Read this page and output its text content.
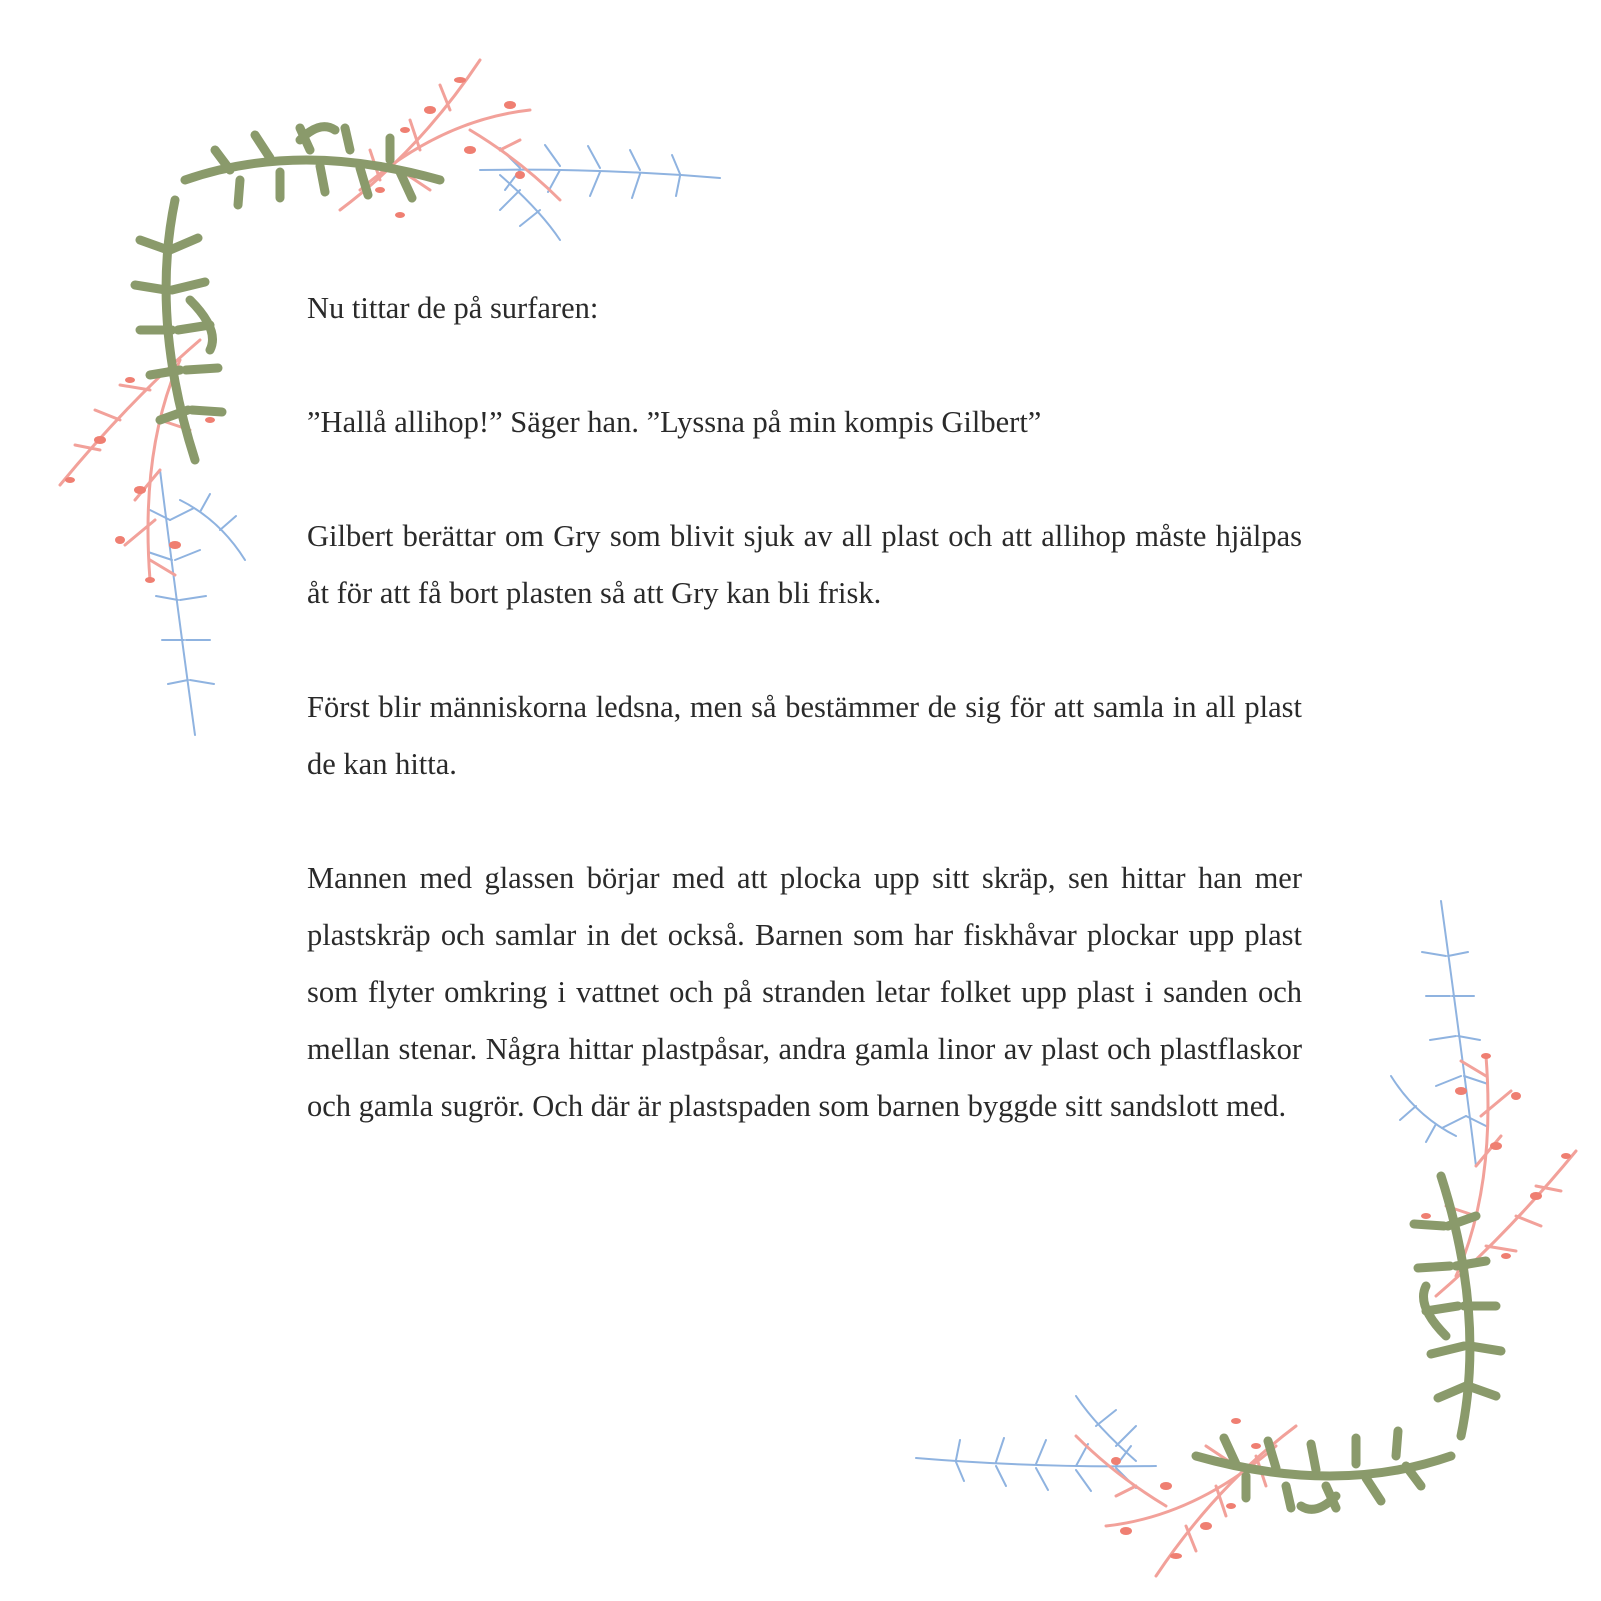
Nu tittar de på surfaren:

”Hallå allihop!” Säger han. ”Lyssna på min kompis Gilbert”

Gilbert berättar om Gry som blivit sjuk av all plast och att allihop måste hjälpas åt för att få bort plasten så att Gry kan bli frisk.

Först blir människorna ledsna, men så bestämmer de sig för att samla in all plast de kan hitta.

Mannen med glassen börjar med att plocka upp sitt skräp, sen hittar han mer plastskräp och samlar in det också. Barnen som har fiskhåvar plockar upp plast som flyter omkring i vattnet och på stranden letar folket upp plast i sanden och mellan stenar. Några hittar plastpåsar, andra gamla linor av plast och plastflaskor och gamla sugrör. Och där är plastspaden som barnen byggde sitt sandslott med.
